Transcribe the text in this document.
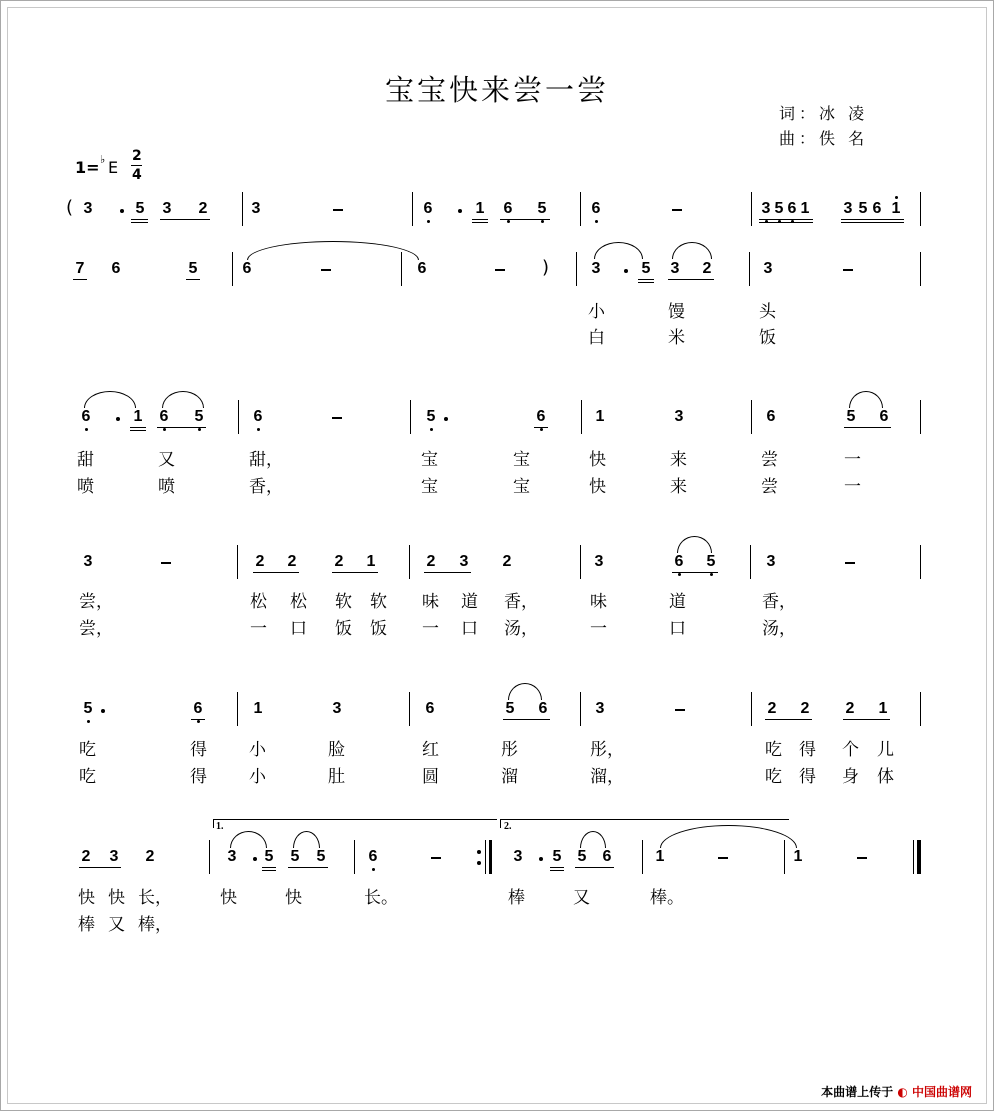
宝宝快来尝一尝
词：冰 凌
曲：佚 名
1= ♭ E
2
4
( 3	5 3 2	3	6	1 6 5	6	3 5 6 1 3 5 6 1
7 6	5	6	6	)	3	5 3 2	3
小	馒	头
白	米	饭
6	1 6 5	6	5	6	1	3	6	5 6
甜	又	甜，	宝	宝	快	来	尝	一
喷	喷	香，	宝	宝	快	来	尝	一
3	2 2 2 1	2 3 2	3	6 5	3
尝，	松 松 软 软 味 道 香，	味	道	香，
尝，	一 口 饭 饭 一 口 汤，	一	口	汤，
5	6	1	3	6	5 6	3	2 2 2 1
吃	得 小	脸	红	彤	彤，	吃 得 个 儿
吃	得 小	肚	圆	溜	溜，	吃 得 身 体
2 3 2
1.
3 5 5 5	6
2.
3 5 5 6	1	1
快 快 长，	快	快	长。	棒	又	棒。
棒 又 棒，
本曲谱上传于 ◐ 中国曲谱网
